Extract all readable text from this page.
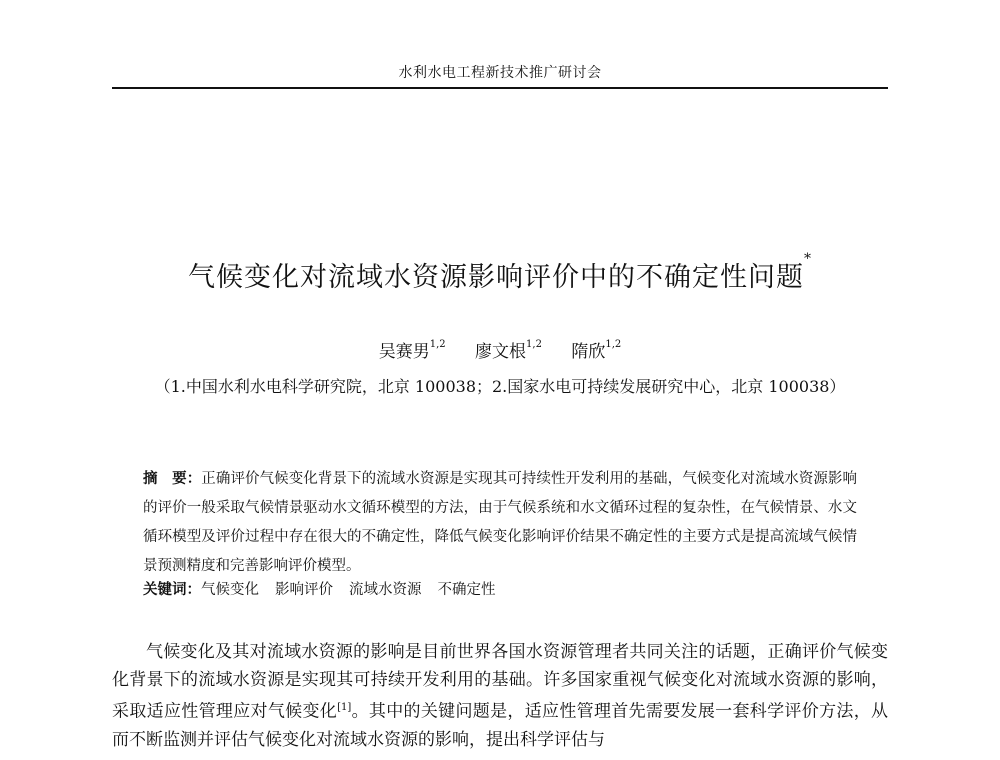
水利水电工程新技术推广研讨会
气候变化对流域水资源影响评价中的不确定性问题*
吴赛男$^{1,2}$ 廖文根$^{1,2}$ 隋欣$^{1,2}$
（1.中国水利水电科学研究院，北京 100038；2.国家水电可持续发展研究中心，北京 100038）
摘　要：正确评价气候变化背景下的流域水资源是实现其可持续性开发利用的基础，气候变化对流域水资源影响的评价一般采取气候情景驱动水文循环模型的方法，由于气候系统和水文循环过程的复杂性，在气候情景、水文循环模型及评价过程中存在很大的不确定性，降低气候变化影响评价结果不确定性的主要方式是提高流域气候情景预测精度和完善影响评价模型。
关键词：气候变化 影响评价 流域水资源 不确定性
气候变化及其对流域水资源的影响是目前世界各国水资源管理者共同关注的话题，正确评价气候变化背景下的流域水资源是实现其可持续开发利用的基础。许多国家重视气候变化对流域水资源的影响，采取适应性管理应对气候变化[1]。其中的关键问题是，适应性管理首先需要发展一套科学评价方法，从而不断监测并评估气候变化对流域水资源的影响，提出科学评估与
